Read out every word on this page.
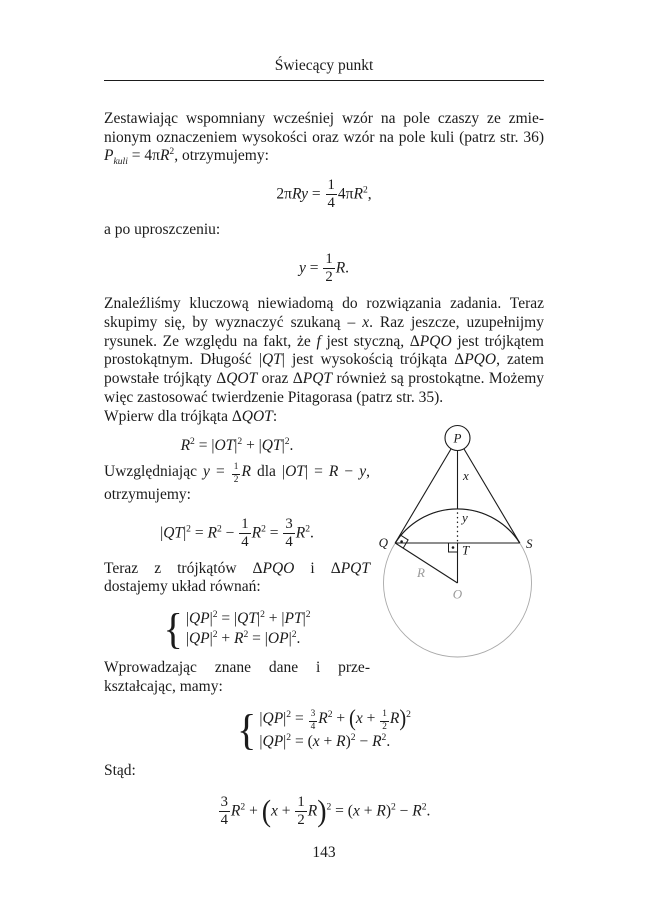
Świecący punkt

Zestawiając wspomniany wcześniej wzór na pole czaszy ze zmienionym oznaczeniem wysokości oraz wzór na pole kuli (patrz str. 36) $P_{kuli} = 4\pi R^2$, otrzymujemy:

$2\pi Ry = \frac{1}{4} 4\pi R^2$,

a po uproszczeniu:

$y = \frac{1}{2} R$.

Znaleźliśmy kluczową niewiadomą do rozwiązania zadania. Teraz skupimy się, by wyznaczyć szukaną – x. Raz jeszcze, uzupełnijmy rysunek. Ze względu na fakt, że f jest styczną, ΔPQO jest trójkątem prostokątnym. Długość |QT| jest wysokością trójkąta ΔPQO, zatem powstałe trójkąty ΔQOT oraz ΔPQT również są prostokątne. Możemy więc zastosować twierdzenie Pitagorasa (patrz str. 35).

Wpierw dla trójkąta ΔQOT:

$R^2 = |OT|^2 + |QT|^2$.

Uwzględniając $y = \frac{1}{2}$ R dla |OT| = R − y, otrzymujemy:

$|QT|^2 = R^2 - \frac{1}{4} R^2 = \frac{3}{4} R^2$.

Teraz z trójkątów ΔPQO i ΔPQT dostajemy układ równań:

{ $|QP|^2 = |QT|^2 + |PT|^2$
$|QP|^2 + R^2 = |OP|^2$.

Wprowadzając znane dane i przekształcając, mamy:

P
x
y
Q	S
T
R
O
{ $|QP|^2 = \frac{3}{4} R^2 + (x + \frac{1}{2} R)^2$
$|QP|^2 = (x + R)^2 - R^2$.

Stąd:

$\frac{3}{4} R^2 + (x + \frac{1}{2} R)^2 = (x + R)^2 - R^2$.
143
